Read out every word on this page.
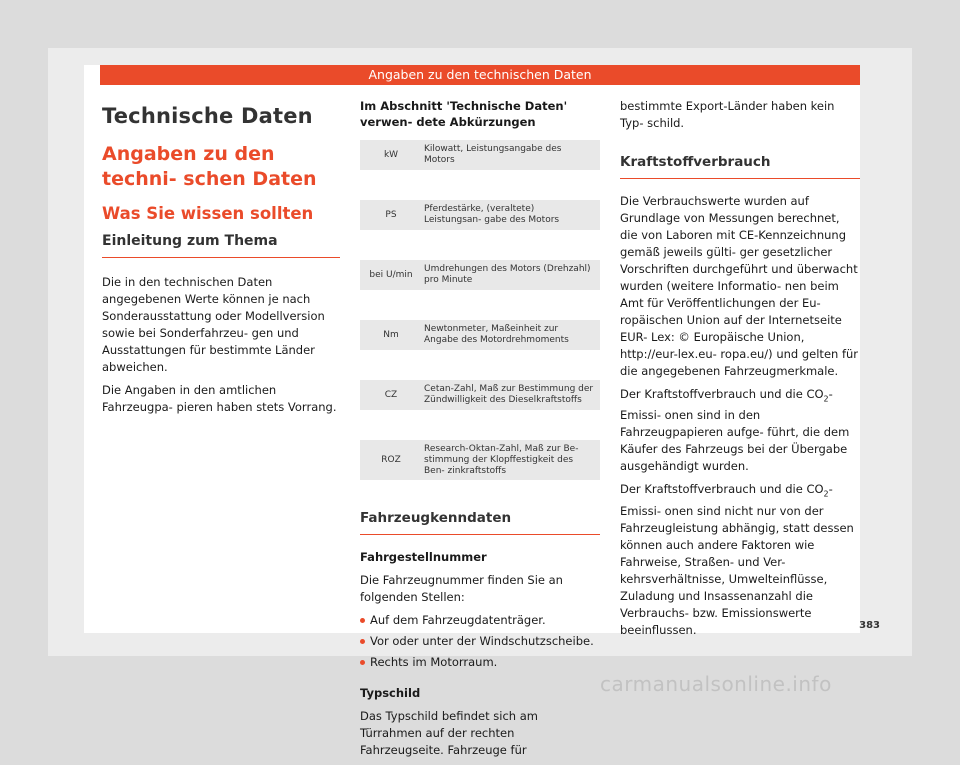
Angaben zu den technischen Daten
Technische Daten
Angaben zu den techni- schen Daten
Was Sie wissen sollten
Einleitung zum Thema

Die in den technischen Daten angegebenen Werte können je nach Sonderausstattung oder Modellversion sowie bei Sonderfahrzeu- gen und Ausstattungen für bestimmte Länder abweichen.

Die Angaben in den amtlichen Fahrzeugpa- pieren haben stets Vorrang.

Im Abschnitt 'Technische Daten' verwen- dete Abkürzungen
kW	Kilowatt, Leistungsangabe des Motors

PS	Pferdestärke, (veraltete) Leistungsan- gabe des Motors

bei U/min	Umdrehungen des Motors (Drehzahl) pro Minute

Nm	Newtonmeter, Maßeinheit zur Angabe des Motordrehmoments

CZ	Cetan-Zahl, Maß zur Bestimmung der Zündwilligkeit des Dieselkraftstoffs

ROZ	Research-Oktan-Zahl, Maß zur Be- stimmung der Klopffestigkeit des Ben- zinkraftstoffs
Fahrzeugkenndaten

Fahrgestellnummer

Die Fahrzeugnummer finden Sie an folgenden Stellen:

Auf dem Fahrzeugdatenträger.
Vor oder unter der Windschutzscheibe.
Rechts im Motorraum.

Typschild

Das Typschild befindet sich am Türrahmen auf der rechten Fahrzeugseite. Fahrzeuge für

bestimmte Export-Länder haben kein Typ- schild.

Kraftstoffverbrauch

Die Verbrauchswerte wurden auf Grundlage von Messungen berechnet, die von Laboren mit CE-Kennzeichnung gemäß jeweils gülti- ger gesetzlicher Vorschriften durchgeführt und überwacht wurden (weitere Informatio- nen beim Amt für Veröffentlichungen der Eu- ropäischen Union auf der Internetseite EUR- Lex: © Europäische Union, http://eur-lex.eu- ropa.eu/) und gelten für die angegebenen Fahrzeugmerkmale.

Der Kraftstoffverbrauch und die $CO_2-Emissi-$ onen sind in den Fahrzeugpapieren aufge- führt, die dem Käufer des Fahrzeugs bei der Übergabe ausgehändigt wurden.

Der Kraftstoffverbrauch und die $CO_2-Emissi-$ onen sind nicht nur von der Fahrzeugleistung abhängig, statt dessen können auch andere Faktoren wie Fahrweise, Straßen- und Ver- kehrsverhältnisse, Umwelteinflüsse, Zuladung und Insassenanzahl die Verbrauchs- bzw. Emissionswerte beeinflussen.	383
carmanualsonline.info
